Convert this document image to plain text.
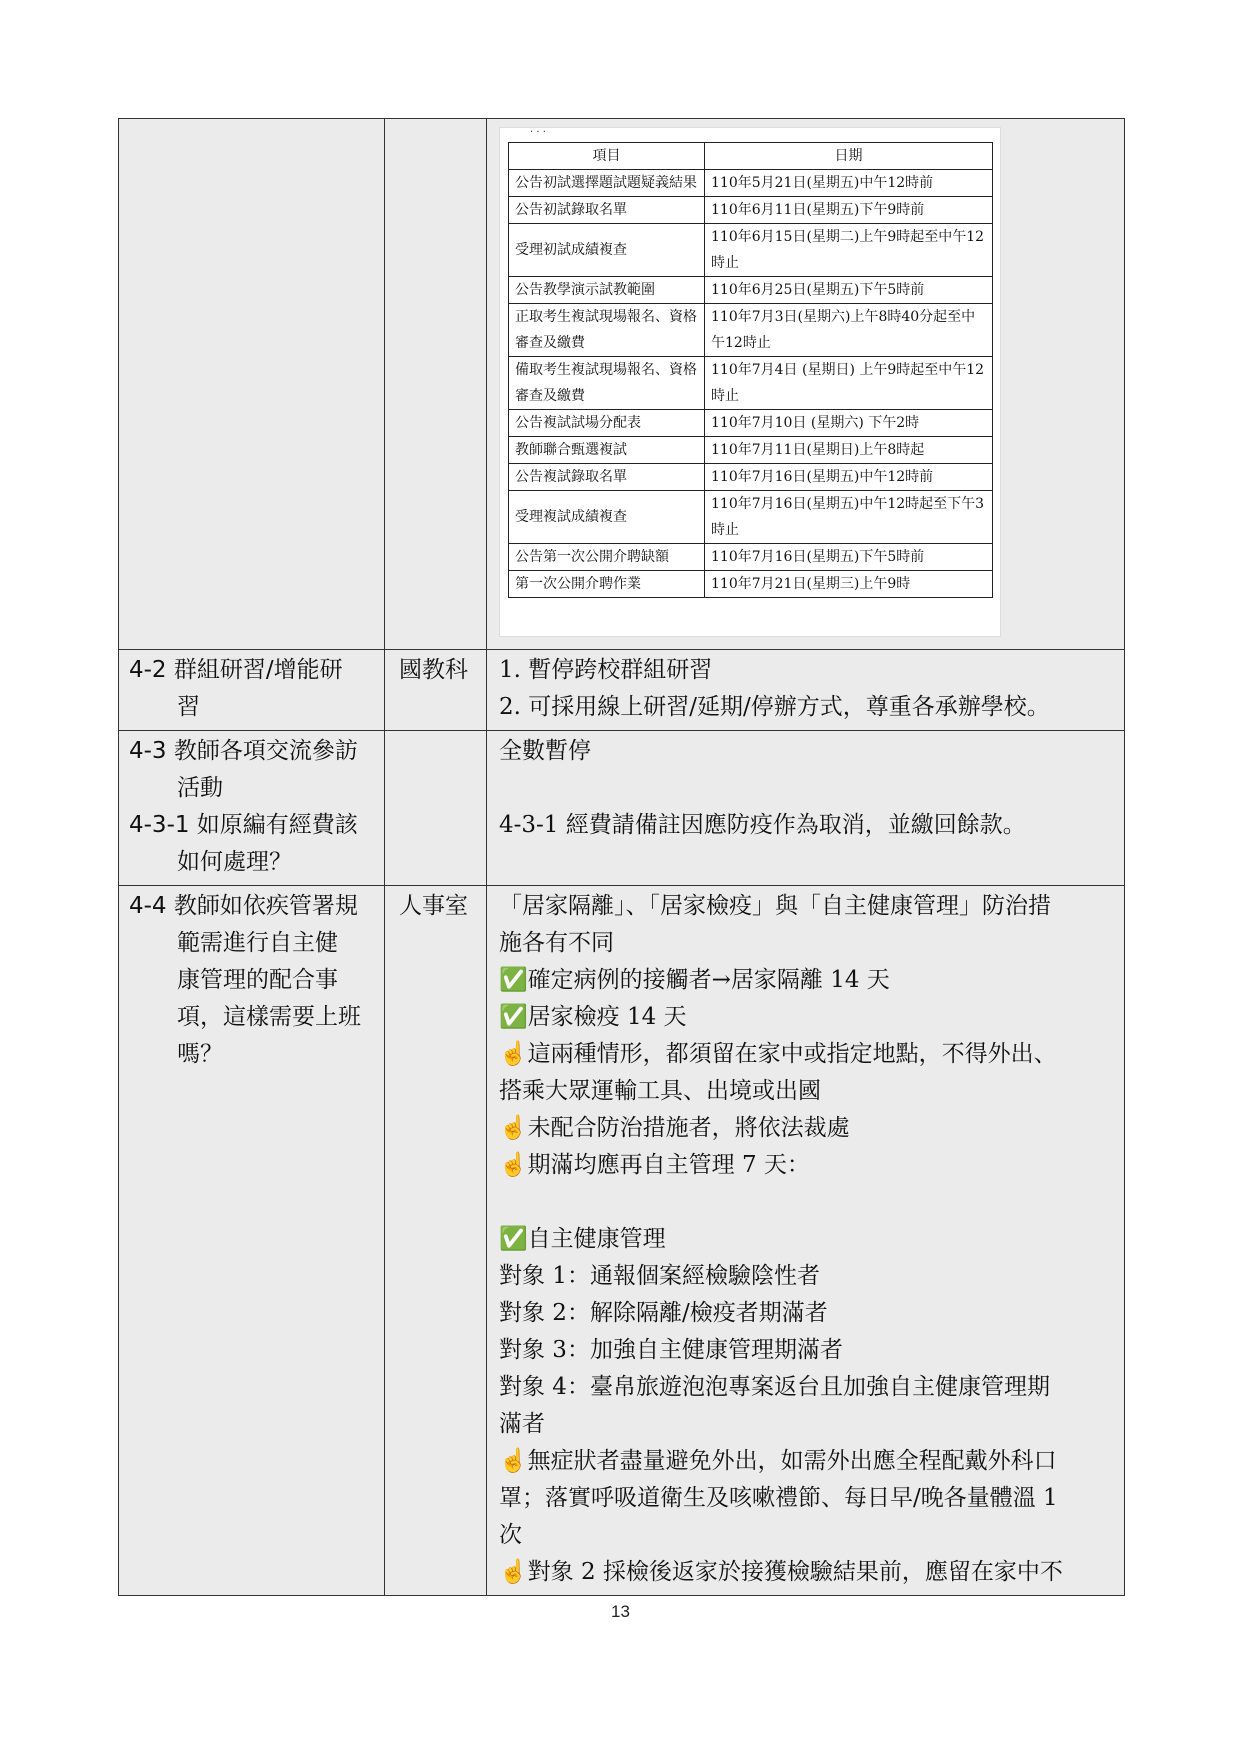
· · ·
項目	日期
公告初試選擇題試題疑義結果	110年5月21日(星期五)中午12時前
公告初試錄取名單	110年6月11日(星期五)下午9時前
受理初試成績複查	110年6月15日(星期二)上午9時起至中午12時止
公告教學演示試教範圍	110年6月25日(星期五)下午5時前
正取考生複試現場報名、資格審查及繳費	110年7月3日(星期六)上午8時40分起至中午12時止
備取考生複試現場報名、資格審查及繳費	110年7月4日 (星期日) 上午9時起至中午12時止
公告複試試場分配表	110年7月10日 (星期六) 下午2時
教師聯合甄選複試	110年7月11日(星期日)上午8時起
公告複試錄取名單	110年7月16日(星期五)中午12時前
受理複試成績複查	110年7月16日(星期五)中午12時起至下午3時止
公告第一次公開介聘缺額	110年7月16日(星期五)下午5時前
第一次公開介聘作業	110年7月21日(星期三)上午9時

4-2 群組研習/增能研
習

國教科	1. 暫停跨校群組研習
2. 可採用線上研習/延期/停辦方式，尊重各承辦學校。

4-3 教師各項交流參訪
活動
4-3-1 如原編有經費該
如何處理？

全數暫停
4-3-1 經費請備註因應防疫作為取消，並繳回餘款。

4-4 教師如依疾管署規
範需進行自主健
康管理的配合事
項，這樣需要上班
嗎？

人事室	「居家隔離」、「居家檢疫」與「自主健康管理」防治措
施各有不同
✅確定病例的接觸者→居家隔離 14 天
✅居家檢疫 14 天
☝這兩種情形，都須留在家中或指定地點，不得外出、
搭乘大眾運輸工具、出境或出國
☝未配合防治措施者，將依法裁處
☝期滿均應再自主管理 7 天：
✅自主健康管理
對象 1：通報個案經檢驗陰性者
對象 2：解除隔離/檢疫者期滿者
對象 3：加強自主健康管理期滿者
對象 4：臺帛旅遊泡泡專案返台且加強自主健康管理期
滿者
☝無症狀者盡量避免外出，如需外出應全程配戴外科口
罩；落實呼吸道衛生及咳嗽禮節、每日早/晚各量體溫 1
次
☝對象 2 採檢後返家於接獲檢驗結果前，應留在家中不
13
